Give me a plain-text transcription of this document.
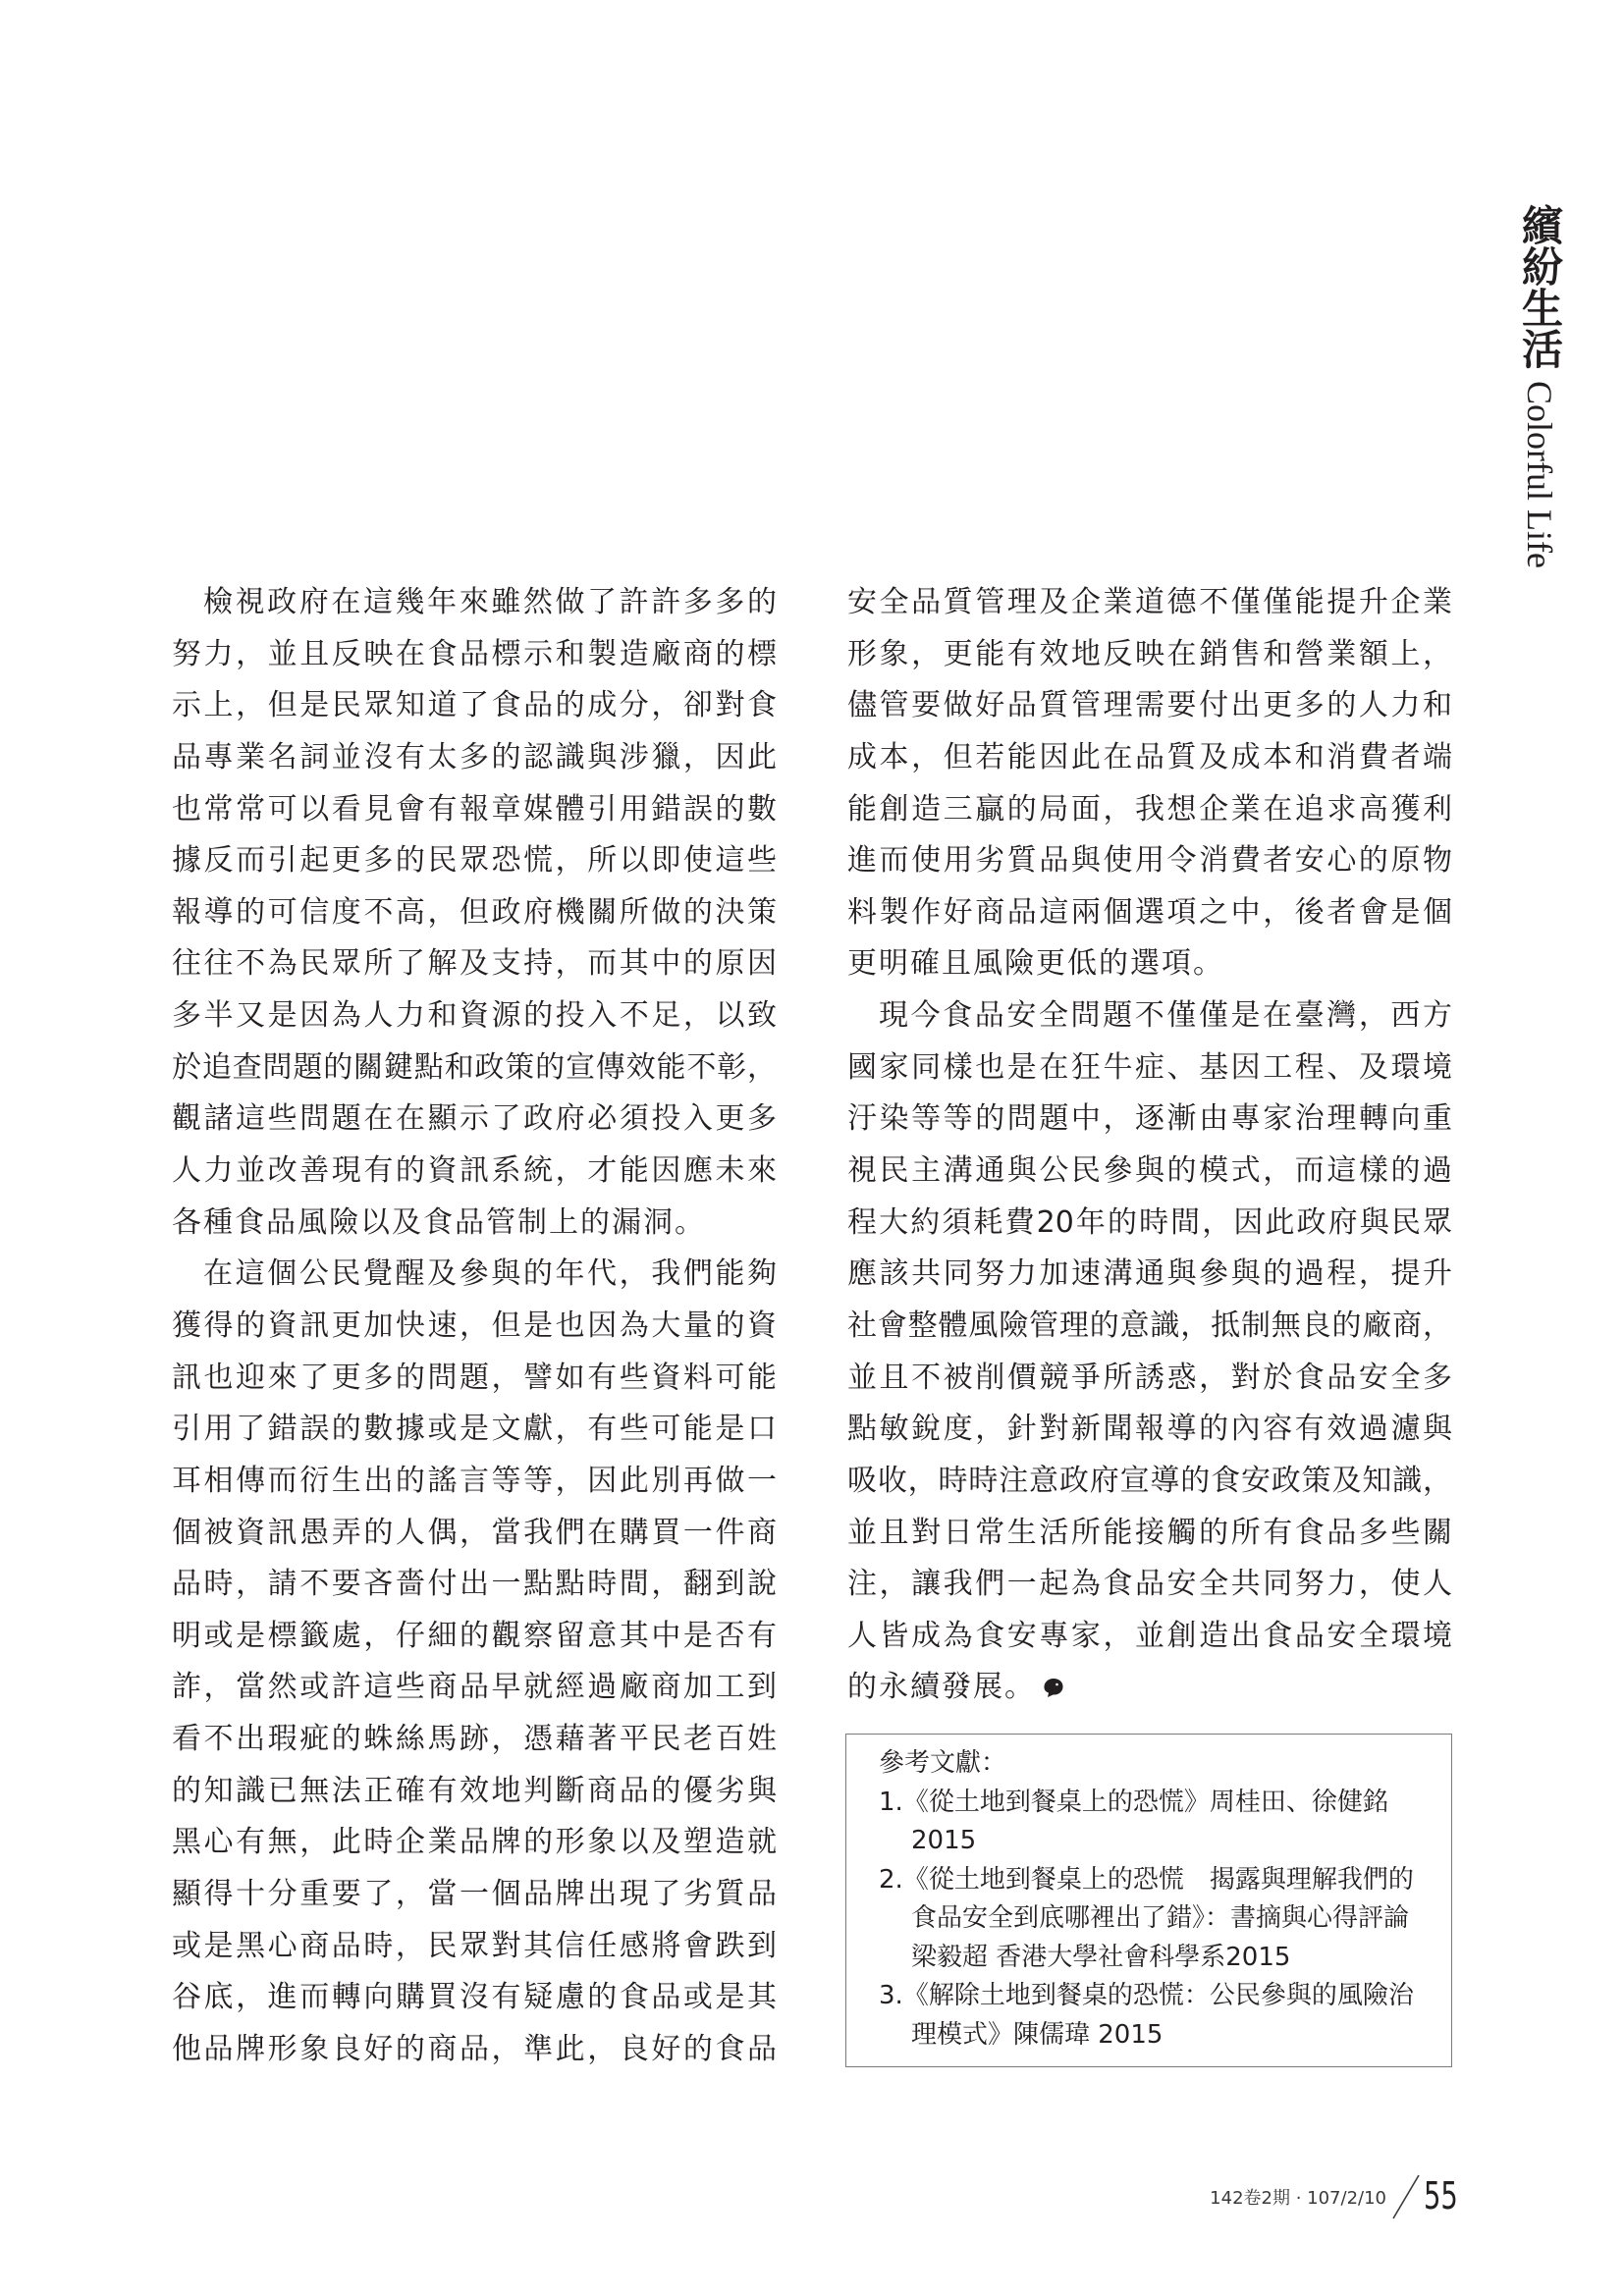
繽紛生活Colorful Life
檢視政府在這幾年來雖然做了許許多多的
努力，並且反映在食品標示和製造廠商的標
示上，但是民眾知道了食品的成分，卻對食
品專業名詞並沒有太多的認識與涉獵，因此
也常常可以看見會有報章媒體引用錯誤的數
據反而引起更多的民眾恐慌，所以即使這些
報導的可信度不高，但政府機關所做的決策
往往不為民眾所了解及支持，而其中的原因
多半又是因為人力和資源的投入不足，以致
於追查問題的關鍵點和政策的宣傳效能不彰，
觀諸這些問題在在顯示了政府必須投入更多
人力並改善現有的資訊系統，才能因應未來
各種食品風險以及食品管制上的漏洞。
在這個公民覺醒及參與的年代，我們能夠
獲得的資訊更加快速，但是也因為大量的資
訊也迎來了更多的問題，譬如有些資料可能
引用了錯誤的數據或是文獻，有些可能是口
耳相傳而衍生出的謠言等等，因此別再做一
個被資訊愚弄的人偶，當我們在購買一件商
品時，請不要吝嗇付出一點點時間，翻到說
明或是標籤處，仔細的觀察留意其中是否有
詐，當然或許這些商品早就經過廠商加工到
看不出瑕疵的蛛絲馬跡，憑藉著平民老百姓
的知識已無法正確有效地判斷商品的優劣與
黑心有無，此時企業品牌的形象以及塑造就
顯得十分重要了，當一個品牌出現了劣質品
或是黑心商品時，民眾對其信任感將會跌到
谷底，進而轉向購買沒有疑慮的食品或是其
他品牌形象良好的商品，準此，良好的食品
安全品質管理及企業道德不僅僅能提升企業
形象，更能有效地反映在銷售和營業額上，
儘管要做好品質管理需要付出更多的人力和
成本，但若能因此在品質及成本和消費者端
能創造三贏的局面，我想企業在追求高獲利
進而使用劣質品與使用令消費者安心的原物
料製作好商品這兩個選項之中，後者會是個
更明確且風險更低的選項。
現今食品安全問題不僅僅是在臺灣，西方
國家同樣也是在狂牛症、基因工程、及環境
汙染等等的問題中，逐漸由專家治理轉向重
視民主溝通與公民參與的模式，而這樣的過
程大約須耗費20年的時間，因此政府與民眾
應該共同努力加速溝通與參與的過程，提升
社會整體風險管理的意識，抵制無良的廠商，
並且不被削價競爭所誘惑，對於食品安全多
點敏銳度，針對新聞報導的內容有效過濾與
吸收，時時注意政府宣導的食安政策及知識，
並且對日常生活所能接觸的所有食品多些關
注，讓我們一起為食品安全共同努力，使人
人皆成為食安專家，並創造出食品安全環境
的永續發展。
參考文獻：
1.《從土地到餐桌上的恐慌》周桂田、徐健銘
2015
2.《從土地到餐桌上的恐慌　揭露與理解我們的
食品安全到底哪裡出了錯》：書摘與心得評論
梁毅超 香港大學社會科學系2015
3.《解除土地到餐桌的恐慌：公民參與的風險治
理模式》陳儒瑋 2015
142卷2期 · 107/2/10 55
